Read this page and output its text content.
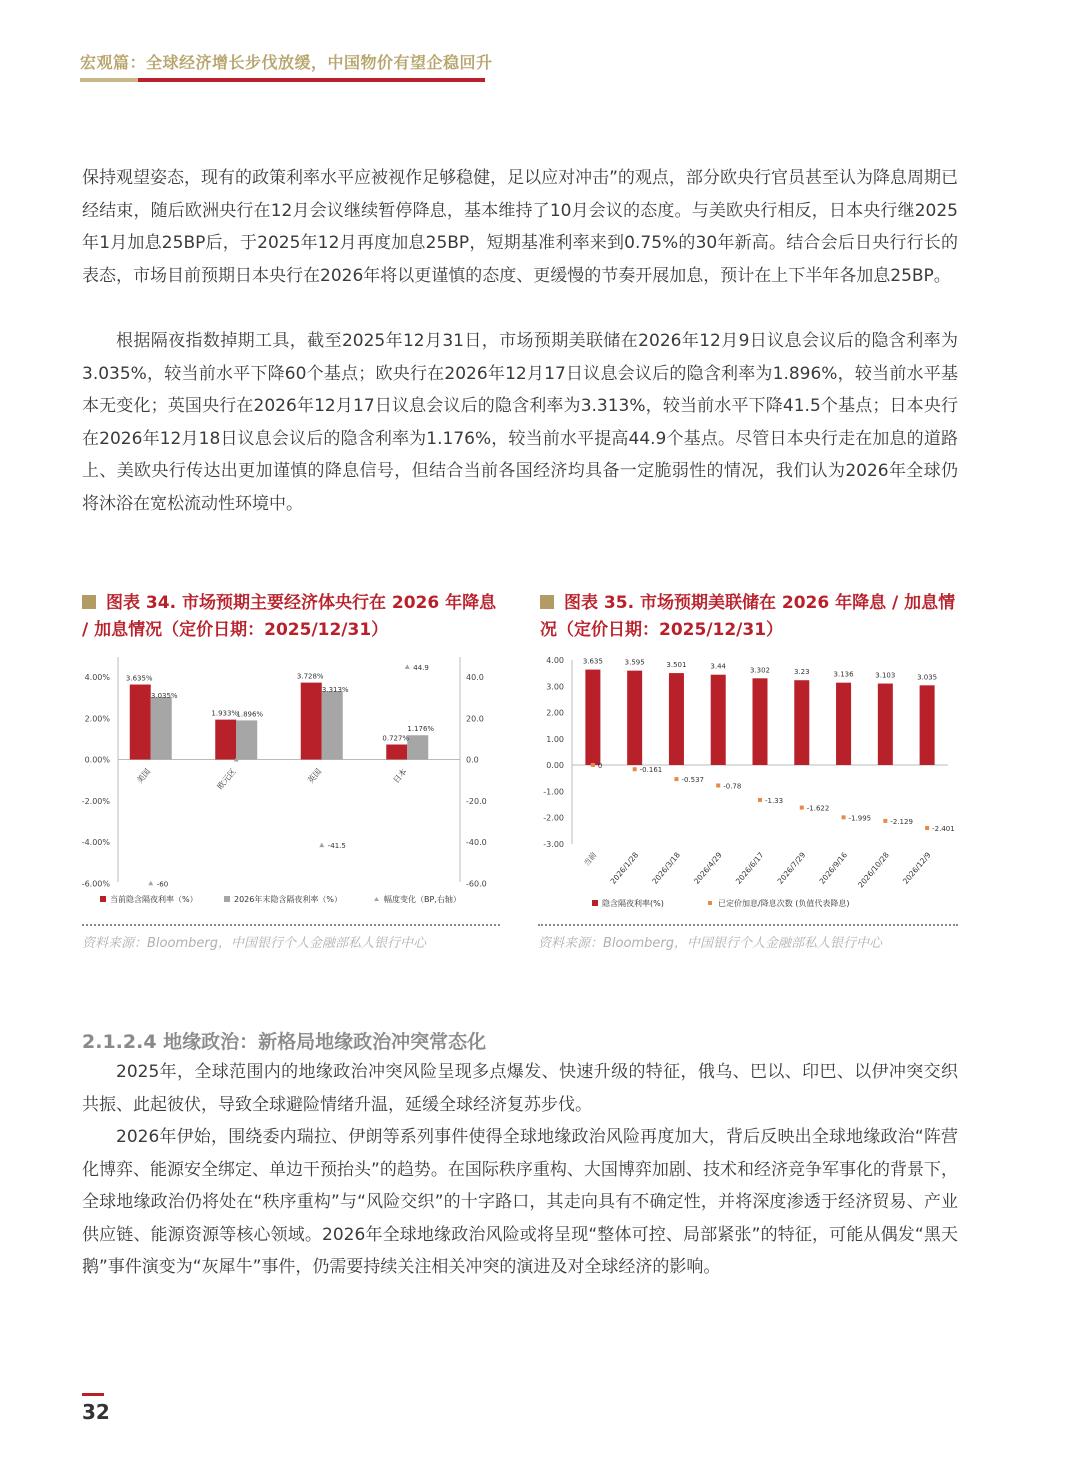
宏观篇：全球经济增长步伐放缓，中国物价有望企稳回升

保持观望姿态，现有的政策利率水平应被视作足够稳健，足以应对冲击”的观点，部分欧央行官员甚至认为降息周期已经结束，随后欧洲央行在12月会议继续暂停降息，基本维持了10月会议的态度。与美欧央行相反，日本央行继2025年1月加息25BP后，于2025年12月再度加息25BP，短期基准利率来到0.75%的30年新高。结合会后日央行行长的表态，市场目前预期日本央行在2026年将以更谨慎的态度、更缓慢的节奏开展加息，预计在上下半年各加息25BP。

根据隔夜指数掉期工具，截至2025年12月31日，市场预期美联储在2026年12月9日议息会议后的隐含利率为3.035%，较当前水平下降60个基点；欧央行在2026年12月17日议息会议后的隐含利率为1.896%，较当前水平基本无变化；英国央行在2026年12月17日议息会议后的隐含利率为3.313%，较当前水平下降41.5个基点；日本央行在2026年12月18日议息会议后的隐含利率为1.176%，较当前水平提高44.9个基点。尽管日本央行走在加息的道路上、美欧央行传达出更加谨慎的降息信号，但结合当前各国经济均具备一定脆弱性的情况，我们认为2026年全球仍将沐浴在宽松流动性环境中。

图表 34. 市场预期主要经济体央行在 2026 年降息 / 加息情况（定价日期：2025/12/31）

图表 35. 市场预期美联储在 2026 年降息 / 加息情况（定价日期：2025/12/31）

4.00%
2.00%
0.00%
-2.00%
-4.00%
-6.00%
40.0
20.0
0.0
-20.0
-40.0
-60.0
3.635%
3.035%
-60
美国
1.933%
1.896%
欧元区
3.728%
3.313%
-41.5
英国
0.727%
1.176%
44.9
日本
当前隐含隔夜利率（%）	2026年末隐含隔夜利率（%）	幅度变化（BP,右轴）
资料来源：Bloomberg，中国银行个人金融部私人银行中心
4.00
3.00
2.00
1.00
0.00
-1.00
-2.00
-3.00
3.635
0
当前
3.595
-0.161
2026/1/28
3.501
-0.537
2026/3/18
3.44
-0.78
2026/4/29
3.302
-1.33
2026/6/17
3.23
-1.622
2026/7/29
3.136
-1.995
2026/9/16
3.103
-2.129
2026/10/28
3.035
-2.401
2026/12/9
隐含隔夜利率(%)	已定价加息/降息次数 (负值代表降息)
资料来源：Bloomberg，中国银行个人金融部私人银行中心
2.1.2.4 地缘政治：新格局地缘政治冲突常态化

2025年，全球范围内的地缘政治冲突风险呈现多点爆发、快速升级的特征，俄乌、巴以、印巴、以伊冲突交织共振、此起彼伏，导致全球避险情绪升温，延缓全球经济复苏步伐。

2026年伊始，围绕委内瑞拉、伊朗等系列事件使得全球地缘政治风险再度加大，背后反映出全球地缘政治“阵营化博弈、能源安全绑定、单边干预抬头”的趋势。在国际秩序重构、大国博弈加剧、技术和经济竞争军事化的背景下，全球地缘政治仍将处在“秩序重构”与“风险交织”的十字路口，其走向具有不确定性，并将深度渗透于经济贸易、产业供应链、能源资源等核心领域。2026年全球地缘政治风险或将呈现“整体可控、局部紧张”的特征，可能从偶发“黑天鹅”事件演变为“灰犀牛”事件，仍需要持续关注相关冲突的演进及对全球经济的影响。

32
